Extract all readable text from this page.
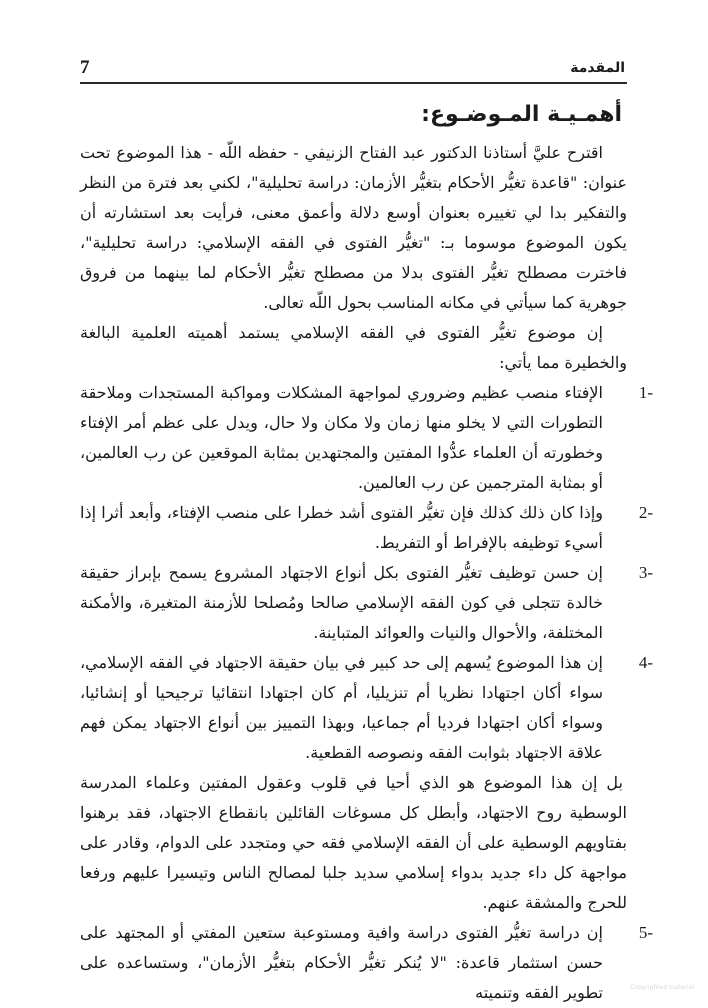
7	المقدمة
أهمـيـة المـوضـوع:

اقترح عليَّ أستاذنا الدكتور عبد الفتاح الزنيفي - حفظه اللّه - هذا الموضوع تحت عنوان: "قاعدة تغيُّر الأحكام بتغيُّر الأزمان: دراسة تحليلية"، لكني بعد فترة من النظر والتفكير بدا لي تغييره بعنوان أوسع دلالة وأعمق معنى، فرأيت بعد استشارته أن يكون الموضوع موسوما بـ: "تغيُّر الفتوى في الفقه الإسلامي: دراسة تحليلية"، فاخترت مصطلح تغيُّر الفتوى بدلا من مصطلح تغيُّر الأحكام لما بينهما من فروق جوهرية كما سيأتي في مكانه المناسب بحول اللّه تعالى.

إن موضوع تغيُّر الفتوى في الفقه الإسلامي يستمد أهميته العلمية البالغة والخطيرة مما يأتي:

1-
الإفتاء منصب عظيم وضروري لمواجهة المشكلات ومواكبة المستجدات وملاحقة التطورات التي لا يخلو منها زمان ولا مكان ولا حال، ويدل على عظم أمر الإفتاء وخطورته أن العلماء عدُّوا المفتين والمجتهدين بمثابة الموقعين عن رب العالمين، أو بمثابة المترجمين عن رب العالمين.
2-
وإذا كان ذلك كذلك فإن تغيُّر الفتوى أشد خطرا على منصب الإفتاء، وأبعد أثرا إذا أسيء توظيفه بالإفراط أو التفريط.
3-
إن حسن توظيف تغيُّر الفتوى بكل أنواع الاجتهاد المشروع يسمح بإبراز حقيقة خالدة تتجلى في كون الفقه الإسلامي صالحا ومُصلحا للأزمنة المتغيرة، والأمكنة المختلفة، والأحوال والنيات والعوائد المتباينة.
4-
إن هذا الموضوع يُسهم إلى حد كبير في بيان حقيقة الاجتهاد في الفقه الإسلامي، سواء أكان اجتهادا نظريا أم تنزيليا، أم كان اجتهادا انتقائيا ترجيحيا أو إنشائيا، وسواء أكان اجتهادا فرديا أم جماعيا، وبهذا التمييز بين أنواع الاجتهاد يمكن فهم علاقة الاجتهاد بثوابت الفقه ونصوصه القطعية.

بل إن هذا الموضوع هو الذي أحيا في قلوب وعقول المفتين وعلماء المدرسة الوسطية روح الاجتهاد، وأبطل كل مسوغات القائلين بانقطاع الاجتهاد، فقد برهنوا بفتاويهم الوسطية على أن الفقه الإسلامي فقه حي ومتجدد على الدوام، وقادر على مواجهة كل داء جديد بدواء إسلامي سديد جلبا لمصالح الناس وتيسيرا عليهم ورفعا للحرج والمشقة عنهم.

5-
إن دراسة تغيُّر الفتوى دراسة وافية ومستوعبة ستعين المفتي أو المجتهد على حسن استثمار قاعدة: "لا يُنكر تغيُّر الأحكام بتغيُّر الأزمان"، وستساعده على تطوير الفقه وتنميته	Copyrighted material
